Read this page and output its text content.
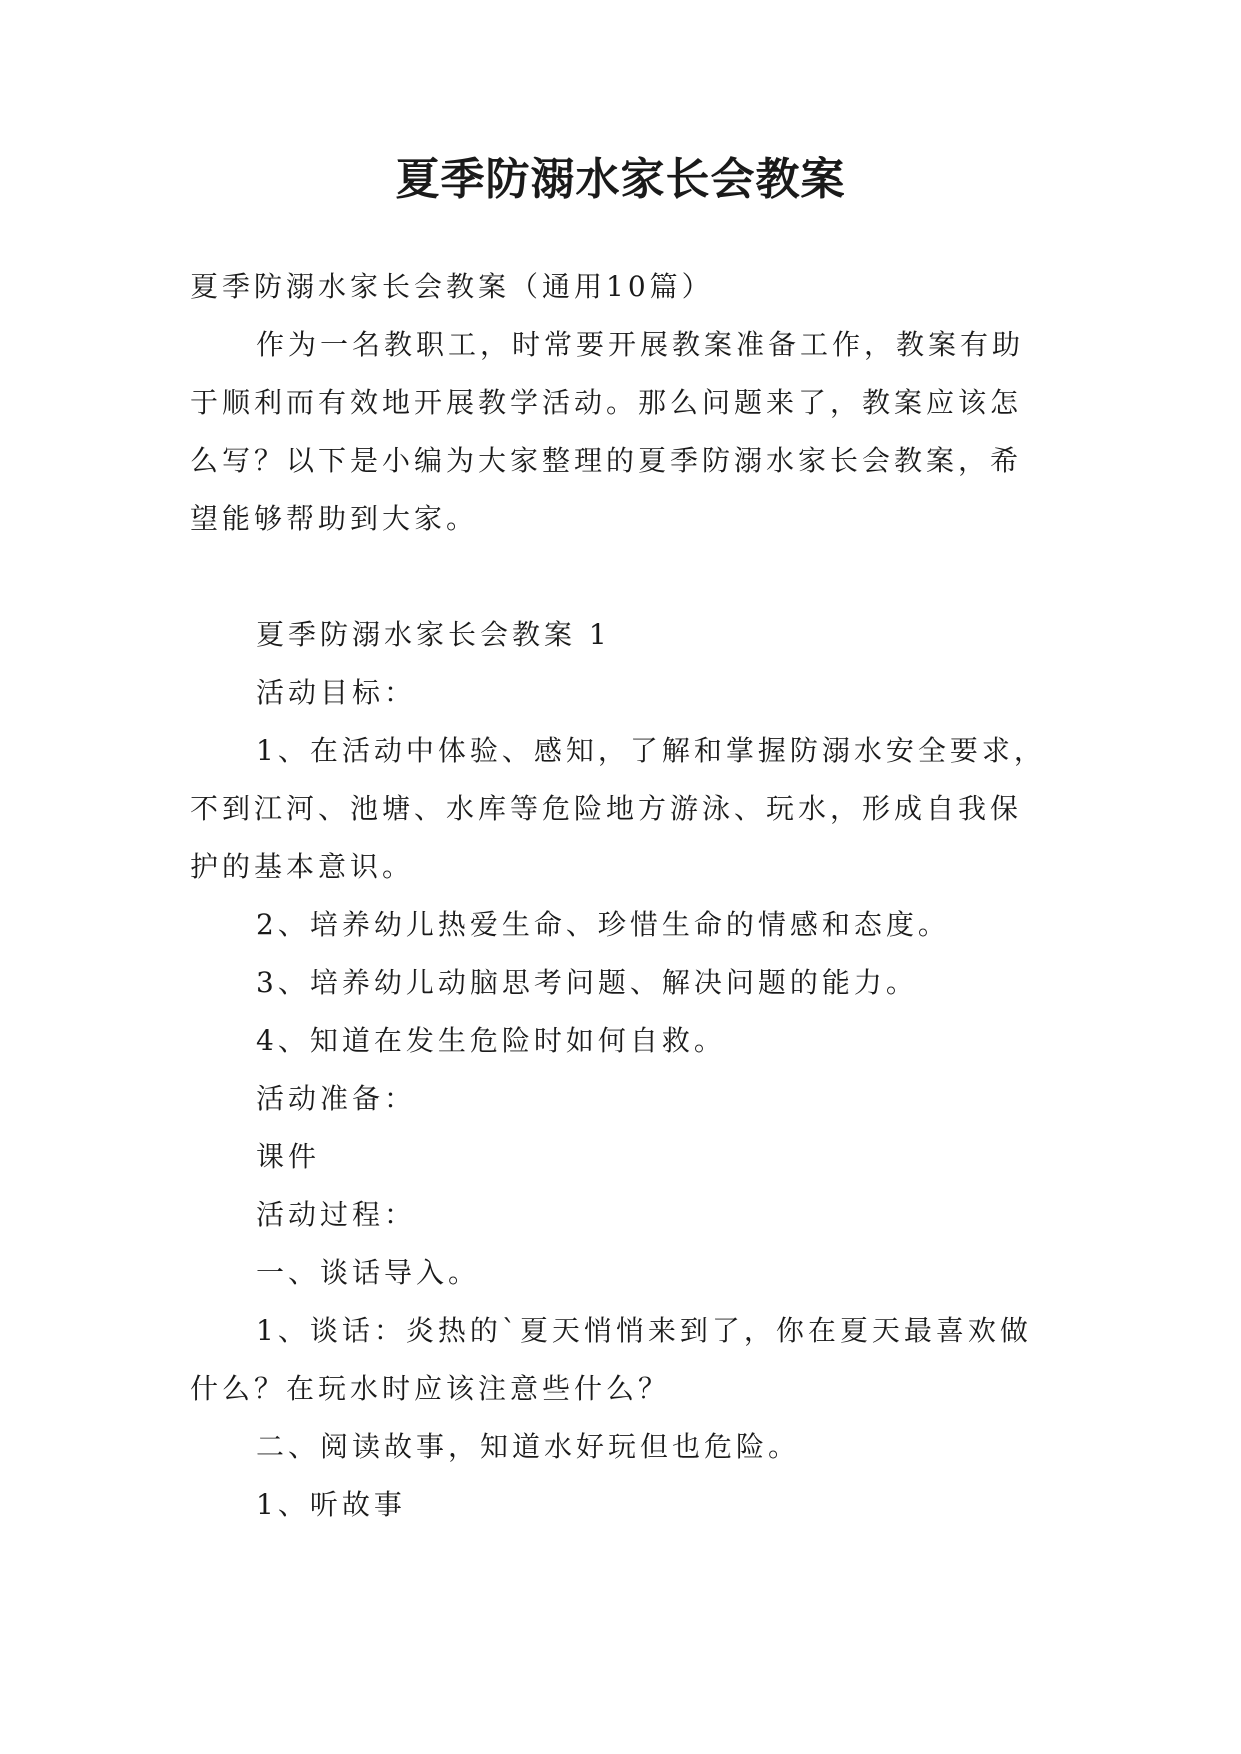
夏季防溺水家长会教案

夏季防溺水家长会教案（通用10篇）

作为一名教职工，时常要开展教案准备工作，教案有助于顺利而有效地开展教学活动。那么问题来了，教案应该怎么写？以下是小编为大家整理的夏季防溺水家长会教案，希望能够帮助到大家。

夏季防溺水家长会教案 1

活动目标：

1、在活动中体验、感知，了解和掌握防溺水安全要求，不到江河、池塘、水库等危险地方游泳、玩水，形成自我保护的基本意识。

2、培养幼儿热爱生命、珍惜生命的情感和态度。

3、培养幼儿动脑思考问题、解决问题的能力。

4、知道在发生危险时如何自救。

活动准备：

课件

活动过程：

一、谈话导入。

1、谈话：炎热的`夏天悄悄来到了，你在夏天最喜欢做什么？在玩水时应该注意些什么？

二、阅读故事，知道水好玩但也危险。

1、听故事
